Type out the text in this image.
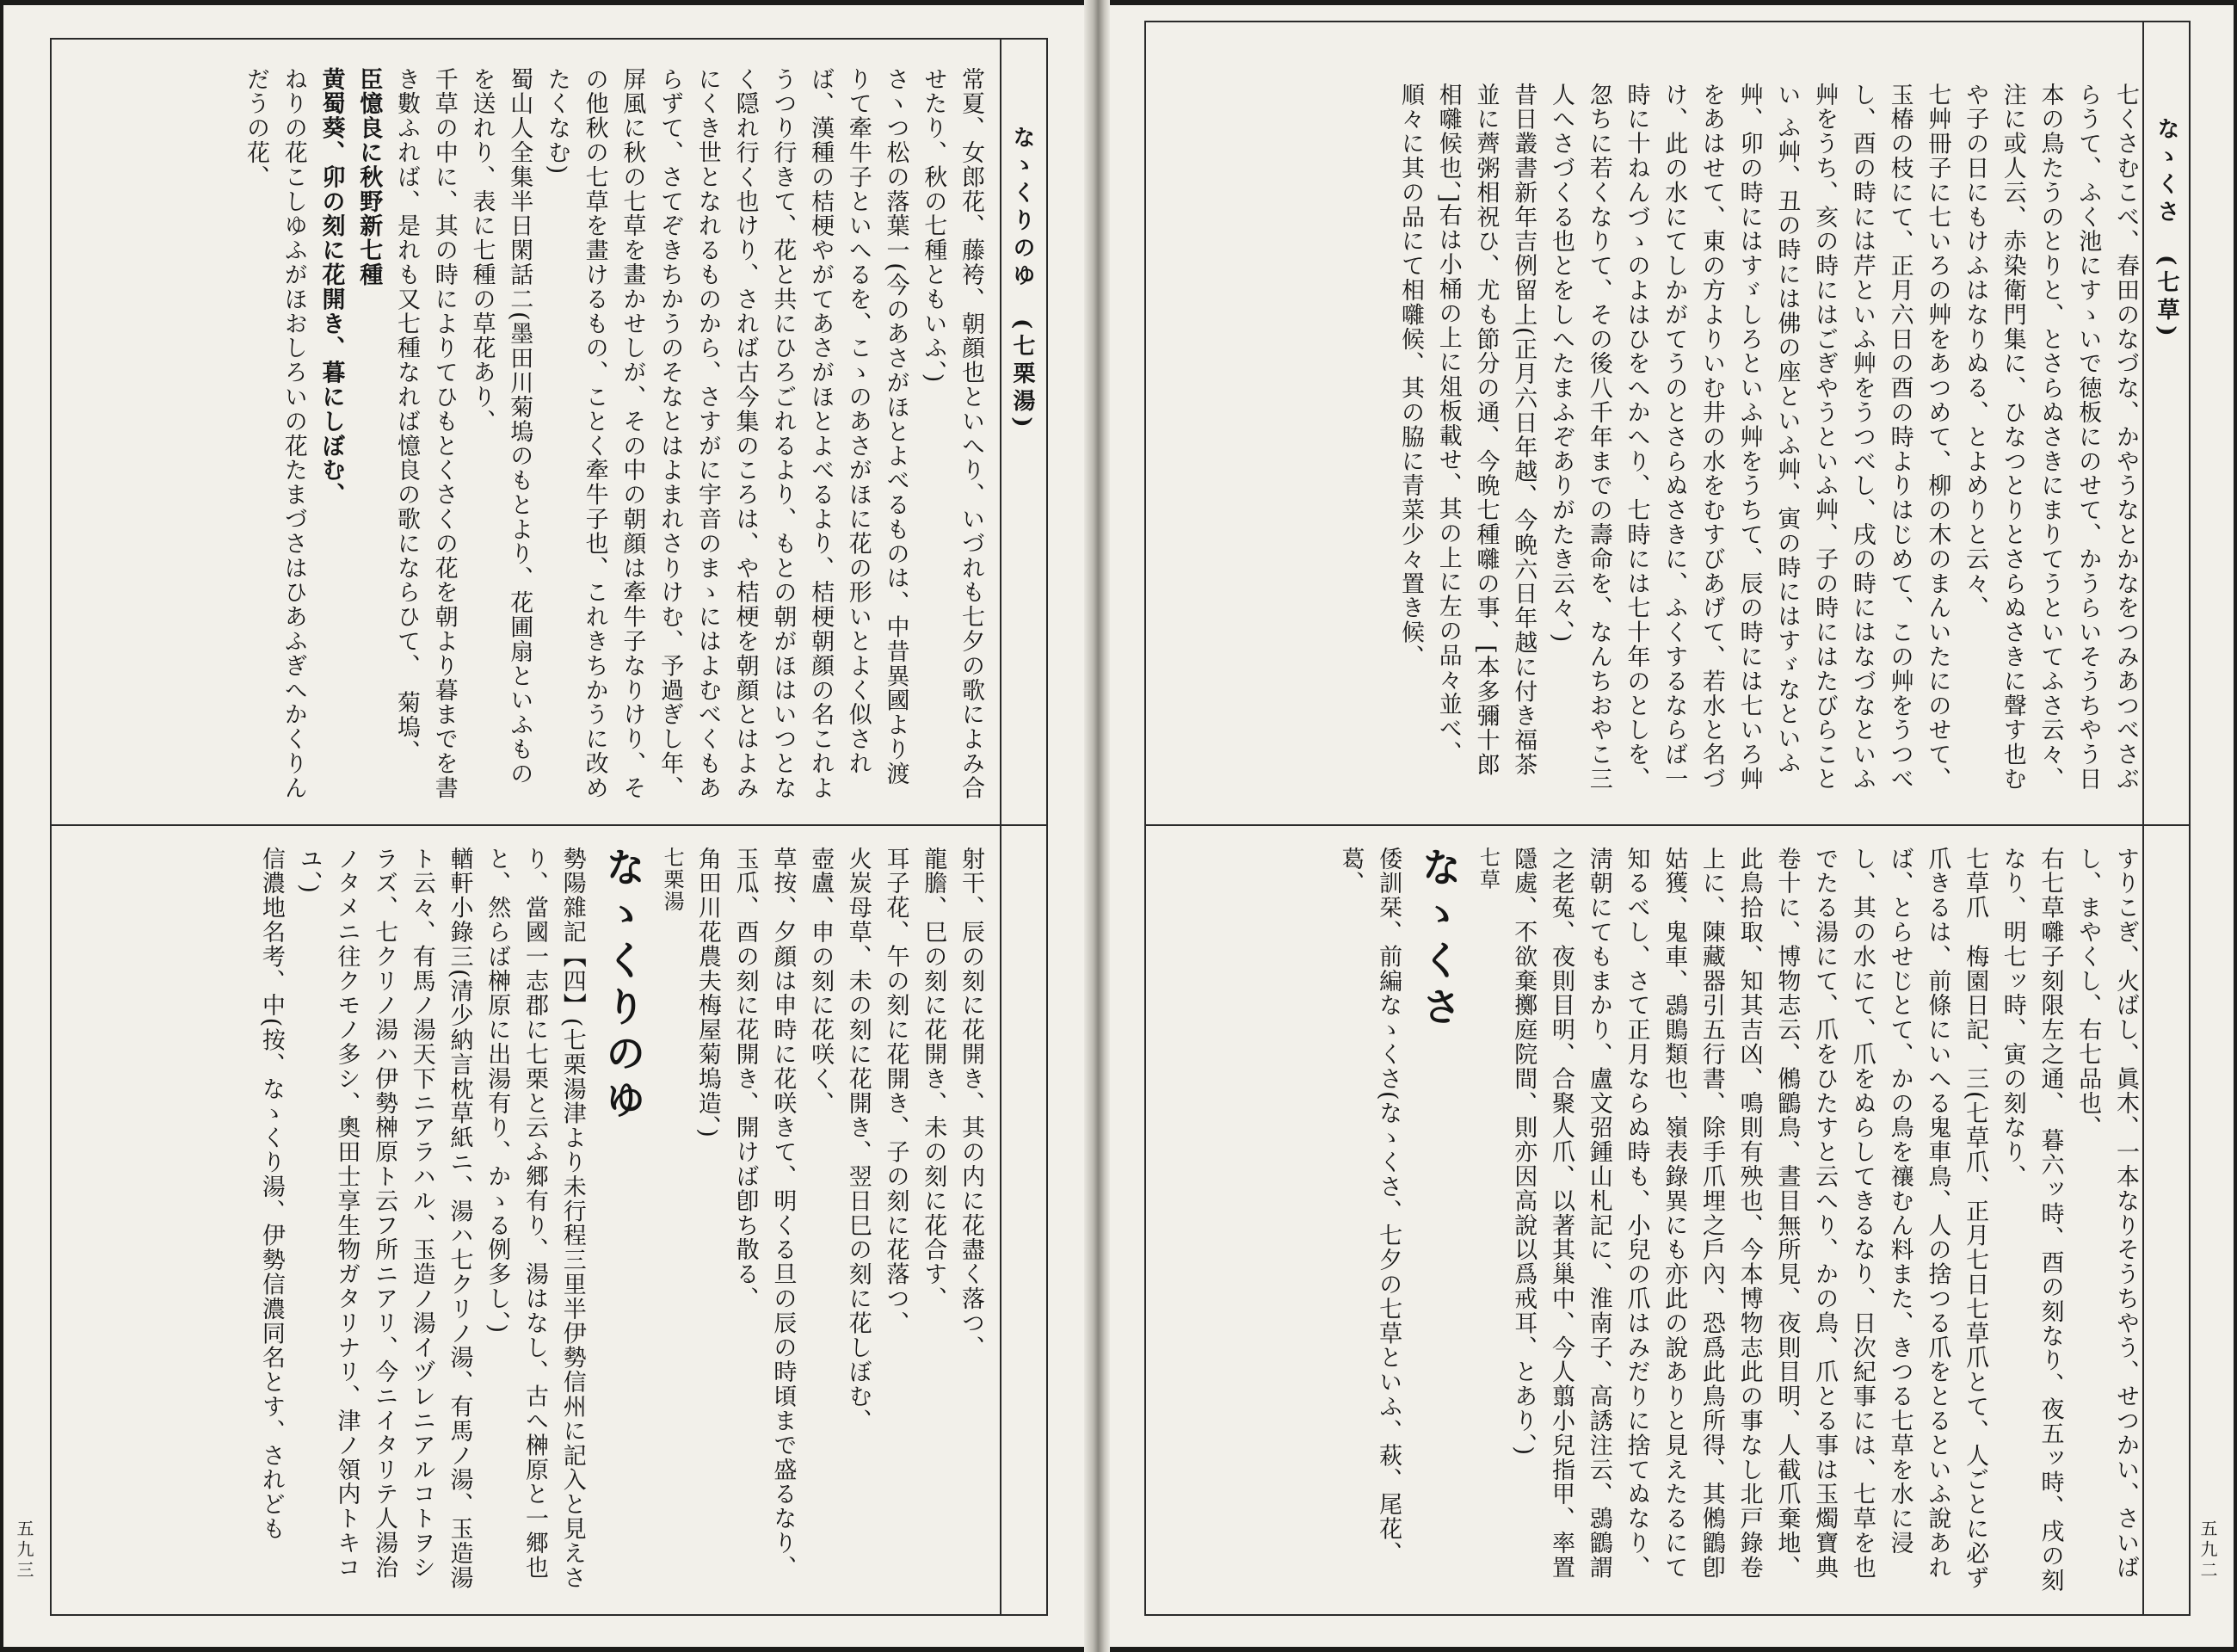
なゝくりのゆ　(七栗湯)
五九三

常夏、女郎花、藤袴、朝顔也といへり、いづれも七夕の歌によみ合せたり、秋の七種ともいふ、)

さヽつ松の落葉一(今のあさがほとよべるものは、中昔異國より渡りて牽牛子といへるを、こゝのあさがほに花の形いとよく似されば、漢種の桔梗やがてあさがほとよべるより、桔梗朝顔の名これようつり行きて、花と共にひろごれるより、もとの朝がほはいつとなく隠れ行く也けり、されば古今集のころは、や桔梗を朝顔とはよみにくき世となれるものから、さすがに宇音のまゝにはよむべくもあらずて、さてぞきちかうのそなとはよまれさりけむ、予過ぎし年、屏風に秋の七草を畫かせしが、その中の朝顔は牽牛子なりけり、その他秋の七草を畫けるもの、ことく牽牛子也、これきちかうに改めたくなむ)

蜀山人全集半日閑話二(墨田川菊塢のもとより、花圃扇といふものを送れり、表に七種の草花あり、

千草の中に、其の時によりてひもとくさくの花を朝より暮までを書き數ふれば、是れも又七種なれば憶良の歌にならひて、　菊塢、

臣憶良に秋野新七種

黄蜀葵、卯の刻に花開き、暮にしぼむ、

ねりの花こしゆふがほおしろいの花たまづさはひあふぎへかくりんだうの花、

射干、辰の刻に花開き、其の内に花盡く落つ、

龍膽、巳の刻に花開き、未の刻に花合す、

耳子花、午の刻に花開き、子の刻に花落つ、

火炭母草、未の刻に花開き、翌日巳の刻に花しぼむ、

壺盧、申の刻に花咲く、

草按、夕顔は申時に花咲きて、明くる旦の辰の時頃まで盛るなり、

玉瓜、酉の刻に花開き、開けば卽ち散る、

角田川花農夫梅屋菊塢造、)

七栗湯

なゝくりのゆ

勢陽雜記【四】(七栗湯津より未行程三里半伊勢信州に記入と見えさり、當國一志郡に七栗と云ふ郷有り、湯はなし、古へ榊原と一郷也と、然らば榊原に出湯有り、かゝる例多し、)

輶軒小錄三(清少納言枕草紙ニ、湯ハ七クリノ湯、有馬ノ湯、玉造湯ト云々、有馬ノ湯天下ニアラハル、玉造ノ湯イヅレニアルコトヲシラズ、七クリノ湯ハ伊勢榊原ト云フ所ニアリ、今ニイタリテ人湯治ノタメニ往クモノ多シ、奧田士享生物ガタリナリ、津ノ領内トキコユ、)

信濃地名考、中(按、なゝくり湯、伊勢信濃同名とす、されども

なゝくさ　(七草)
五九二

七くさむこべ、春田のなづな、かやうなとかなをつみあつべさぶらうて、ふく池にすゝいで徳板にのせて、かうらいそうちやう日本の鳥たうのとりと、とさらぬさきにまりてうといてふさ云々、注に或人云、赤染衛門集に、ひなつとりとさらぬさきに聲す也むや子の日にもけふはなりぬる、とよめりと云々、

七艸冊子に七いろの艸をあつめて、柳の木のまんいたにのせて、玉椿の枝にて、正月六日の酉の時よりはじめて、この艸をうつべし、酉の時には芹といふ艸をうつべし、戌の時にはなづなといふ艸をうち、亥の時にはごぎやうといふ艸、子の時にはたびらことい ふ艸、丑の時には佛の座といふ艸、寅の時にはすゞなといふ艸、卯の時にはすゞしろといふ艸をうちて、辰の時には七いろ艸をあはせて、東の方よりいむ井の水をむすびあげて、若水と名づけ、此の水にてしかがてうのとさらぬさきに、ふくするならば一時に十ねんづゝのよはひをへかへり、七時には七十年のとしを、忽ちに若くなりて、その後八千年までの壽命を、なんちおやこ三人へさづくる也とをしへたまふぞありがたき云々、)

昔日叢書新年吉例留上(正月六日年越、今晩六日年越に付き福茶並に薺粥相祝ひ、尤も節分の通、今晩七種囃の事、[本多彌十郎相囃候也、]右は小桶の上に俎板載せ、其の上に左の品々並べ、順々に其の品にて相囃候、其の脇に青菜少々置き候、

すりこぎ、火ばし、眞木、一本なりそうちやう、せつかい、さいばし、まやくし、右七品也、

右七草囃子刻限左之通、　暮六ッ時、酉の刻なり、夜五ッ時、戌の刻なり、明七ッ時、寅の刻なり、

七草爪　梅園日記、三(七草爪、正月七日七草爪とて、人ごとに必ず爪きるは、前條にいへる鬼車鳥、人の捨つる爪をとるといふ說あれば、とらせじとて、かの鳥を禳むん料また、きつる七草を水に浸し、其の水にて、爪をぬらしてきるなり、日次紀事には、七草を也でたる湯にて、爪をひたすと云へり、かの鳥、爪とる事は玉燭寶典卷十に、博物志云、鵂鶹鳥、晝目無所見、夜則目明、人截爪棄地、此鳥拾取、知其吉凶、鳴則有殃也、今本博物志此の事なし北戸錄卷上に、陳藏器引五行書、除手爪埋之戶內、恐爲此鳥所得、其鵂鶹卽姑獲、鬼車、鵋鵙類也、嶺表錄異にも亦此の說ありと見えたるにて知るべし、さて正月ならぬ時も、小兒の爪はみだりに捨てぬなり、淸朝にてもまかり、盧文弨鍾山札記に、淮南子、高誘注云、鵋鶹謂之老菟、夜則目明、合聚人爪、以著其巢中、今人翦小兒指甲、率置隱處、不欲棄擲庭院間、則亦因高說以爲戒耳、とあり、)

七草

なゝくさ

倭訓栞、前編なゝくさ(なゝくさ、七夕の七草といふ、萩、尾花、葛、
